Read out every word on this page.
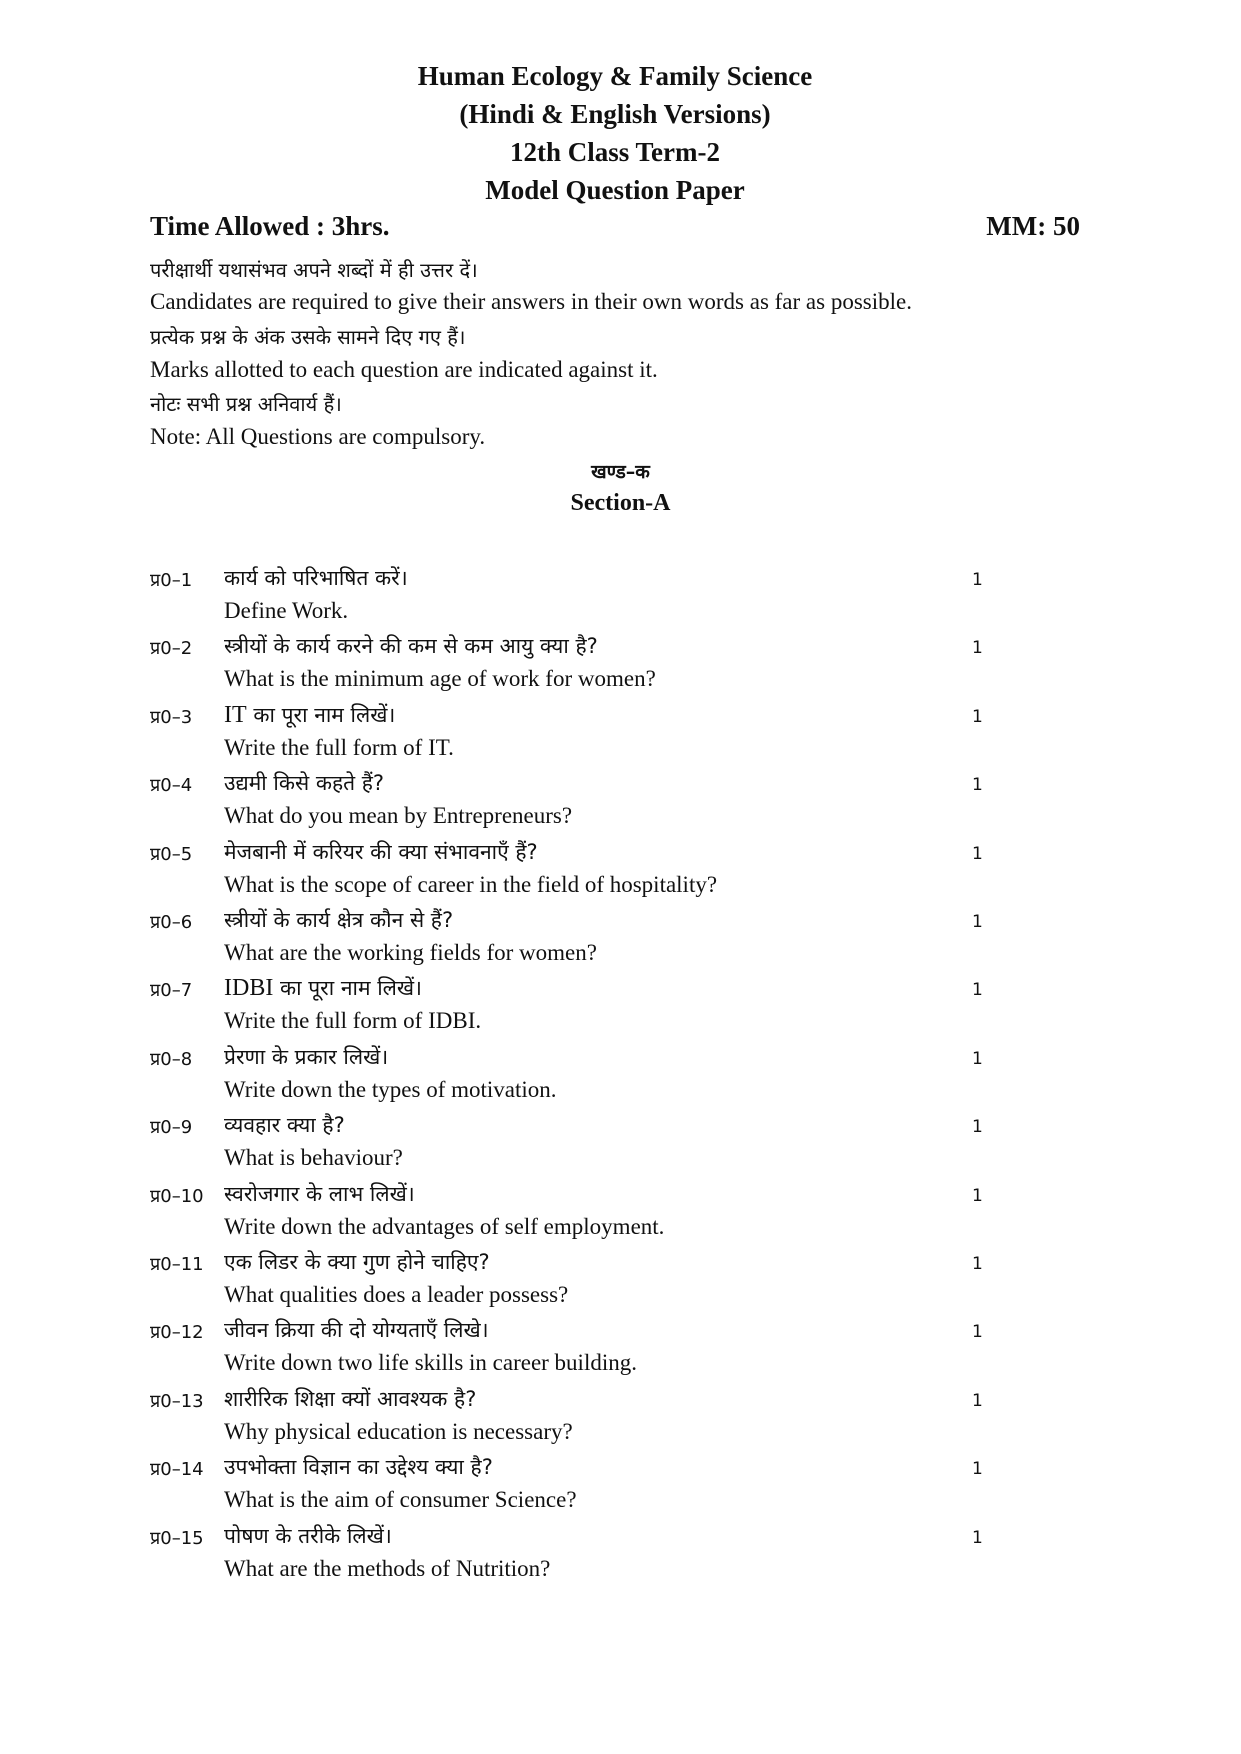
Human Ecology & Family Science
(Hindi & English Versions)
12th Class Term-2
Model Question Paper
Time Allowed : 3hrs.	MM: 50
परीक्षार्थी यथासंभव अपने शब्दों में ही उत्तर दें।
Candidates are required to give their answers in their own words as far as possible.
प्रत्येक प्रश्न के अंक उसके सामने दिए गए हैं।
Marks allotted to each question are indicated against it.
नोटः सभी प्रश्न अनिवार्य हैं।
Note: All Questions are compulsory.
खण्ड–क
Section-A
प्र0–1 कार्य को परिभाषित करें।	1
Define Work.
प्र0–2 स्त्रीयों के कार्य करने की कम से कम आयु क्या है?	1
What is the minimum age of work for women?
प्र0–3 IT का पूरा नाम लिखें।	1
Write the full form of IT.
प्र0–4 उद्यमी किसे कहते हैं?	1
What do you mean by Entrepreneurs?
प्र0–5 मेजबानी में करियर की क्या संभावनाएँ हैं?	1
What is the scope of career in the field of hospitality?
प्र0–6 स्त्रीयों के कार्य क्षेत्र कौन से हैं?	1
What are the working fields for women?
प्र0–7 IDBI का पूरा नाम लिखें।	1
Write the full form of IDBI.
प्र0–8 प्रेरणा के प्रकार लिखें।	1
Write down the types of motivation.
प्र0–9 व्यवहार क्या है?	1
What is behaviour?
प्र0–10 स्वरोजगार के लाभ लिखें।	1
Write down the advantages of self employment.
प्र0–11 एक लिडर के क्या गुण होने चाहिए?	1
What qualities does a leader possess?
प्र0–12 जीवन क्रिया की दो योग्यताएँ लिखे।	1
Write down two life skills in career building.
प्र0–13 शारीरिक शिक्षा क्यों आवश्यक है?	1
Why physical education is necessary?
प्र0–14 उपभोक्ता विज्ञान का उद्देश्य क्या है?	1
What is the aim of consumer Science?
प्र0–15 पोषण के तरीके लिखें।	1
What are the methods of Nutrition?
